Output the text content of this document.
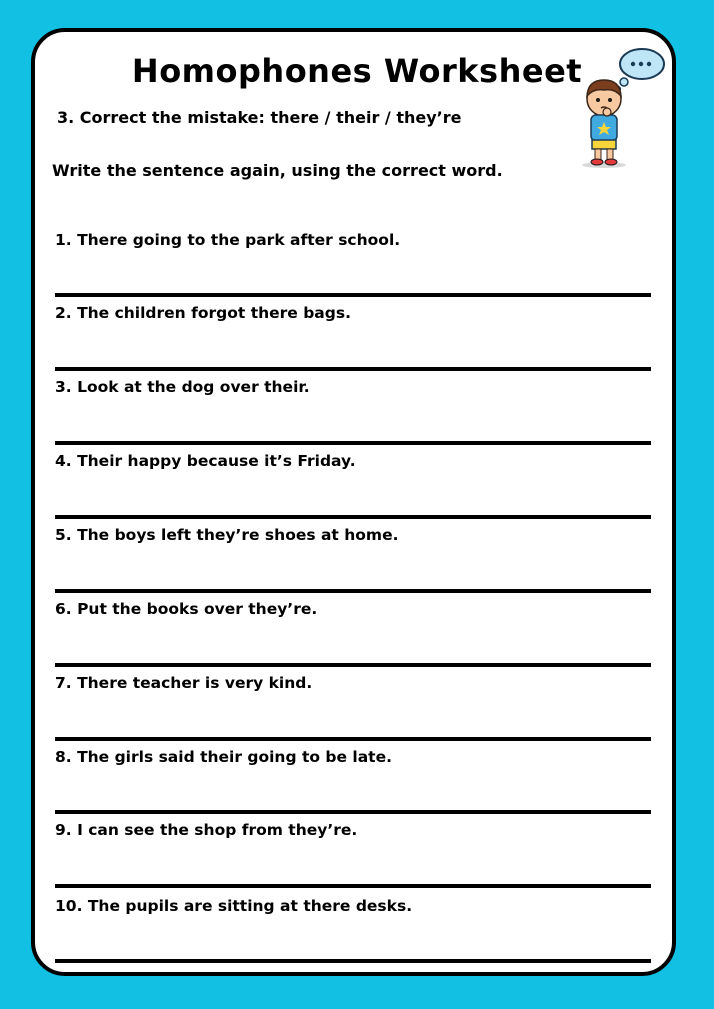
Homophones Worksheet
3. Correct the mistake: there / their / they’re
Write the sentence again, using the correct word.
1. There going to the park after school.
2. The children forgot there bags.
3. Look at the dog over their.
4. Their happy because it’s Friday.
5. The boys left they’re shoes at home.
6. Put the books over they’re.
7. There teacher is very kind.
8. The girls said their going to be late.
9. I can see the shop from they’re.
10. The pupils are sitting at there desks.
